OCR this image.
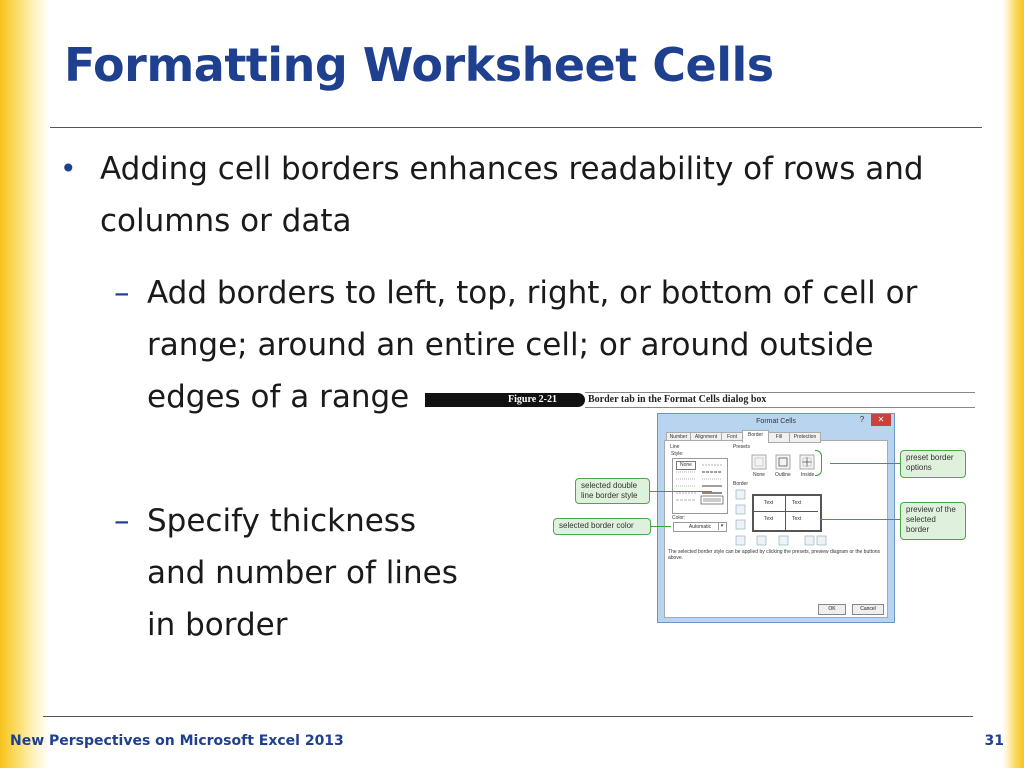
Formatting Worksheet Cells
• Adding cell borders enhances readability of rows and columns or data
– Add borders to left, top, right, or bottom of cell or range; around an entire cell; or around outside edges of a range
– Specify thickness and number of lines in border
Figure 2-21	Border tab in the Format Cells dialog box
Format Cells	?	✕
Number	Alignment	Font	Border	Fill	Protection
Line
Style:
None
Color:
Automatic	▾
Presets
None Outline Inside
Border
Text	Text
Text	Text
The selected border style can be applied by clicking the presets, preview diagram or the buttons above.
OK	Cancel
preset border options
selected double line border style
selected border color
preview of the selected border
New Perspectives on Microsoft Excel 2013	31
